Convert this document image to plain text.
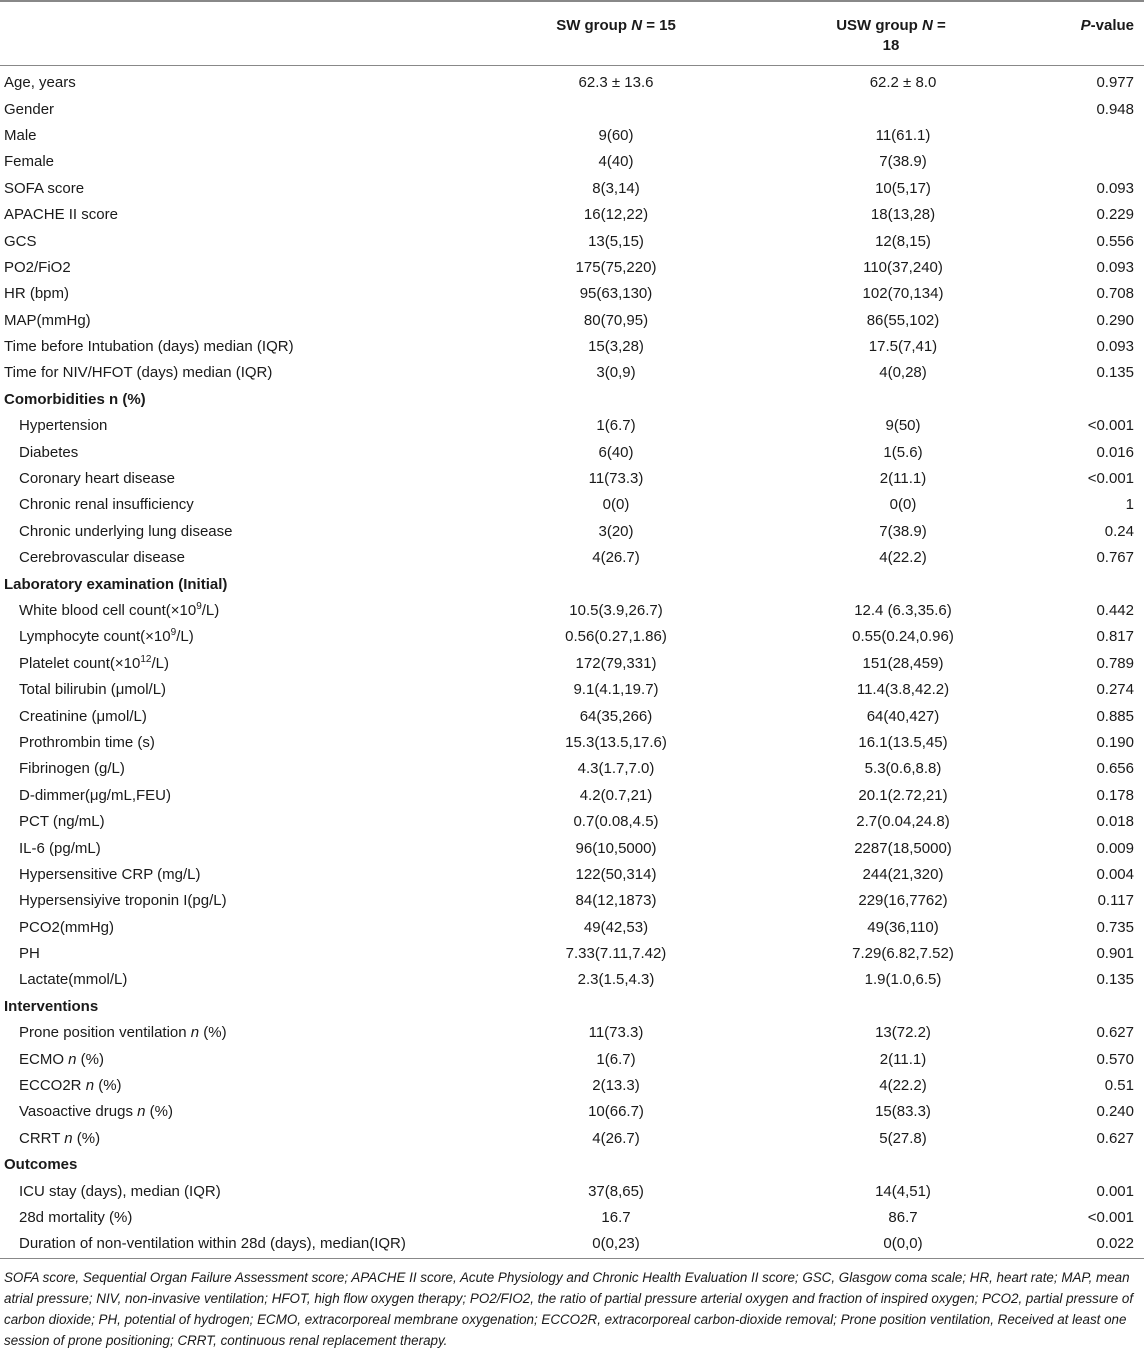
	SW group N = 15	USW group N = 18	P-value

Age, years	62.3 ± 13.6	62.2 ± 8.0	0.977
Gender			0.948
Male	9(60)	11(61.1)	
Female	4(40)	7(38.9)	
SOFA score	8(3,14)	10(5,17)	0.093
APACHE II score	16(12,22)	18(13,28)	0.229
GCS	13(5,15)	12(8,15)	0.556
PO2/FiO2	175(75,220)	110(37,240)	0.093
HR (bpm)	95(63,130)	102(70,134)	0.708
MAP(mmHg)	80(70,95)	86(55,102)	0.290
Time before Intubation (days) median (IQR)	15(3,28)	17.5(7,41)	0.093
Time for NIV/HFOT (days) median (IQR)	3(0,9)	4(0,28)	0.135
Comorbidities n (%)			
Hypertension	1(6.7)	9(50)	<0.001
Diabetes	6(40)	1(5.6)	0.016
Coronary heart disease	11(73.3)	2(11.1)	<0.001
Chronic renal insufficiency	0(0)	0(0)	1
Chronic underlying lung disease	3(20)	7(38.9)	0.24
Cerebrovascular disease	4(26.7)	4(22.2)	0.767
Laboratory examination (Initial)			
White blood cell $count(\times 10^9/L)$	10.5(3.9,26.7)	12.4 (6.3,35.6)	0.442
Lymphocyte $count(\times 10^9/L)$	0.56(0.27,1.86)	0.55(0.24,0.96)	0.817
Platelet $count(\times 10^{12}/L)$	172(79,331)	151(28,459)	0.789
Total bilirubin (μmol/L)	9.1(4.1,19.7)	11.4(3.8,42.2)	0.274
Creatinine (μmol/L)	64(35,266)	64(40,427)	0.885
Prothrombin time (s)	15.3(13.5,17.6)	16.1(13.5,45)	0.190
Fibrinogen (g/L)	4.3(1.7,7.0)	5.3(0.6,8.8)	0.656
D-dimmer(μg/mL,FEU)	4.2(0.7,21)	20.1(2.72,21)	0.178
PCT (ng/mL)	0.7(0.08,4.5)	2.7(0.04,24.8)	0.018
IL-6 (pg/mL)	96(10,5000)	2287(18,5000)	0.009
Hypersensitive CRP (mg/L)	122(50,314)	244(21,320)	0.004
Hypersensiyive troponin I(pg/L)	84(12,1873)	229(16,7762)	0.117
PCO2(mmHg)	49(42,53)	49(36,110)	0.735
PH	7.33(7.11,7.42)	7.29(6.82,7.52)	0.901
Lactate(mmol/L)	2.3(1.5,4.3)	1.9(1.0,6.5)	0.135
Interventions			
Prone position ventilation n (%)	11(73.3)	13(72.2)	0.627
ECMO n (%)	1(6.7)	2(11.1)	0.570
ECCO2R n (%)	2(13.3)	4(22.2)	0.51
Vasoactive drugs n (%)	10(66.7)	15(83.3)	0.240
CRRT n (%)	4(26.7)	5(27.8)	0.627
Outcomes			
ICU stay (days), median (IQR)	37(8,65)	14(4,51)	0.001
28d mortality (%)	16.7	86.7	<0.001
Duration of non-ventilation within 28d (days), median(IQR)	0(0,23)	0(0,0)	0.022

SOFA score, Sequential Organ Failure Assessment score; APACHE II score, Acute Physiology and Chronic Health Evaluation II score; GSC, Glasgow coma scale; HR, heart rate; MAP, mean atrial pressure; NIV, non-invasive ventilation; HFOT, high flow oxygen therapy; PO2/FIO2, the ratio of partial pressure arterial oxygen and fraction of inspired oxygen; PCO2, partial pressure of carbon dioxide; PH, potential of hydrogen; ECMO, extracorporeal membrane oxygenation; ECCO2R, extracorporeal carbon-dioxide removal; Prone position ventilation, Received at least one session of prone positioning; CRRT, continuous renal replacement therapy.
